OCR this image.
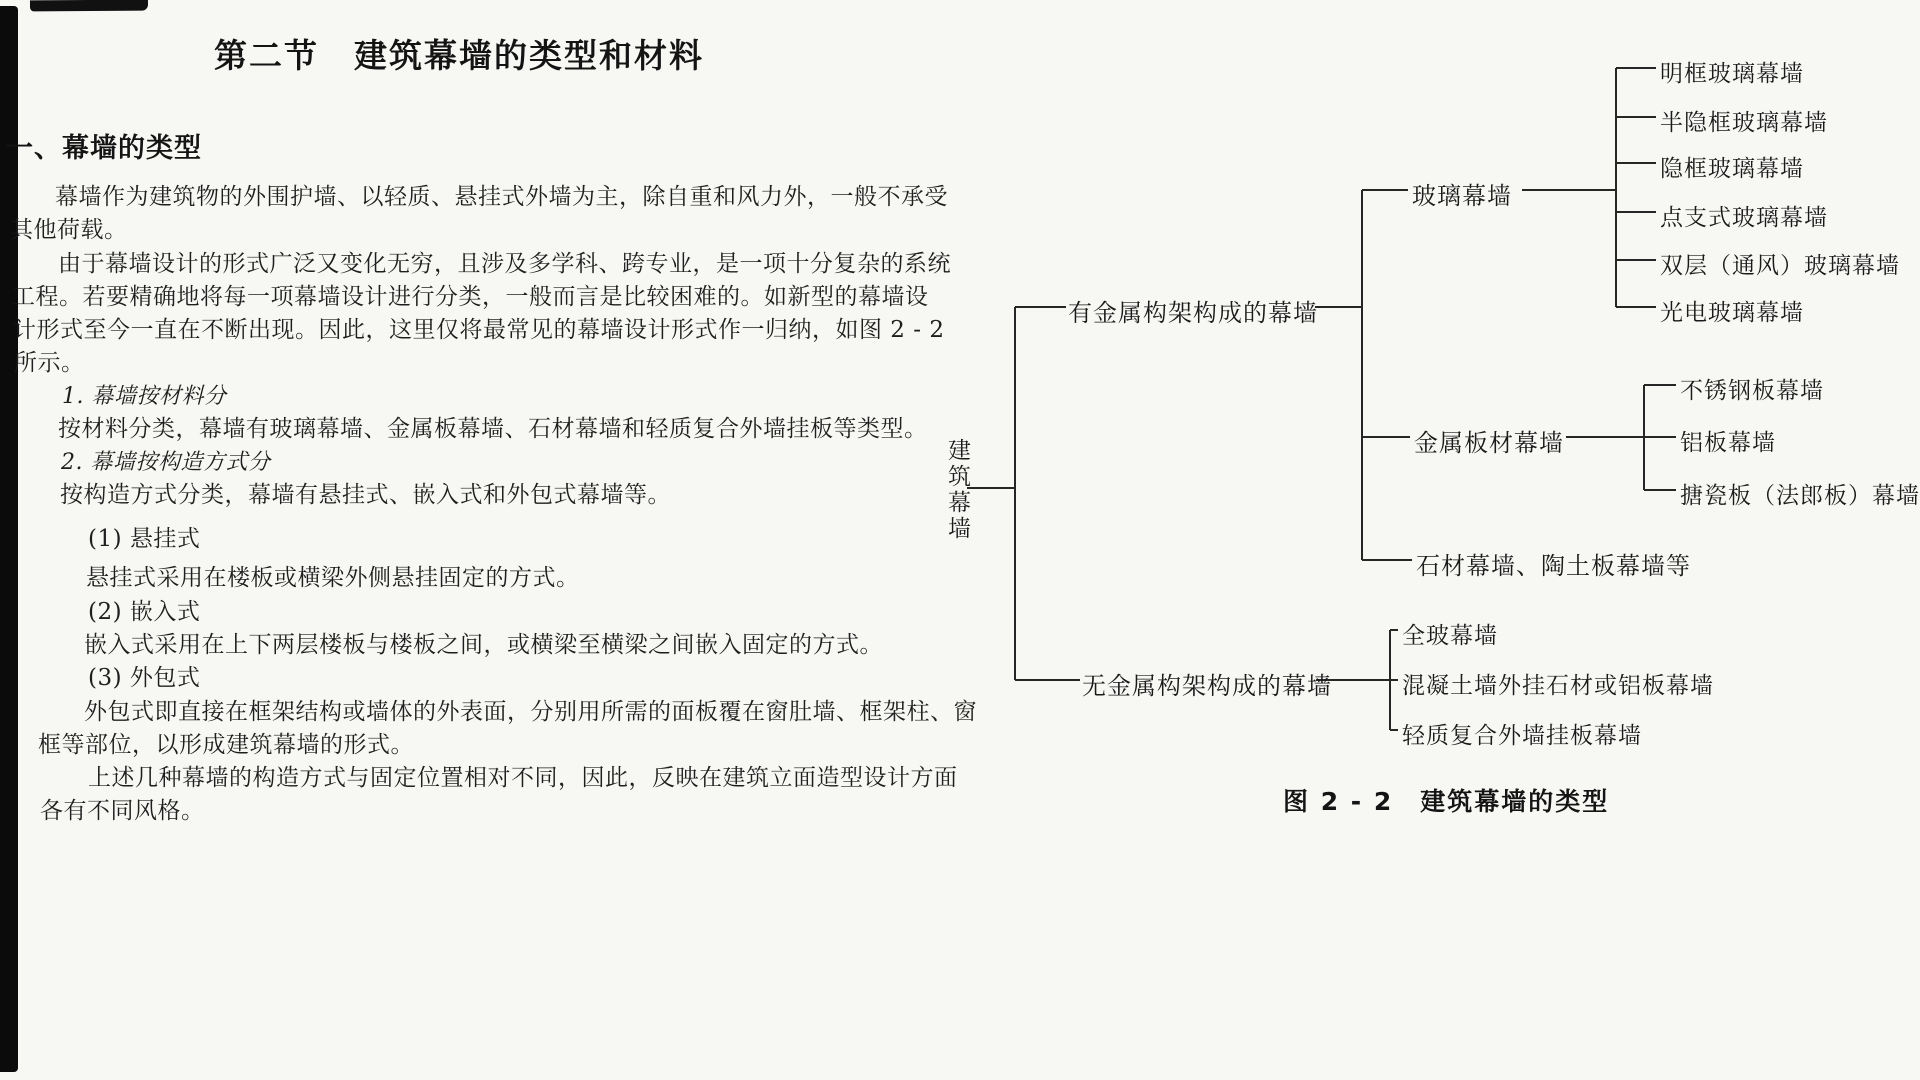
第二节　建筑幕墙的类型和材料
一、幕墙的类型
幕墙作为建筑物的外围护墙、以轻质、悬挂式外墙为主，除自重和风力外，一般不承受
其他荷载。
由于幕墙设计的形式广泛又变化无穷，且涉及多学科、跨专业，是一项十分复杂的系统
工程。若要精确地将每一项幕墙设计进行分类，一般而言是比较困难的。如新型的幕墙设
计形式至今一直在不断出现。因此，这里仅将最常见的幕墙设计形式作一归纳，如图 2 - 2
所示。
1. 幕墙按材料分
按材料分类，幕墙有玻璃幕墙、金属板幕墙、石材幕墙和轻质复合外墙挂板等类型。
2. 幕墙按构造方式分
按构造方式分类，幕墙有悬挂式、嵌入式和外包式幕墙等。
(1) 悬挂式
悬挂式采用在楼板或横梁外侧悬挂固定的方式。
(2) 嵌入式
嵌入式采用在上下两层楼板与楼板之间，或横梁至横梁之间嵌入固定的方式。
(3) 外包式
外包式即直接在框架结构或墙体的外表面，分别用所需的面板覆在窗肚墙、框架柱、窗
框等部位，以形成建筑幕墙的形式。
上述几种幕墙的构造方式与固定位置相对不同，因此，反映在建筑立面造型设计方面
各有不同风格。
建筑幕墙
有金属构架构成的幕墙
玻璃幕墙
明框玻璃幕墙
半隐框玻璃幕墙
隐框玻璃幕墙
点支式玻璃幕墙
双层（通风）玻璃幕墙
光电玻璃幕墙
金属板材幕墙
不锈钢板幕墙
铝板幕墙
搪瓷板（法郎板）幕墙
石材幕墙、陶土板幕墙等
无金属构架构成的幕墙
全玻幕墙
混凝土墙外挂石材或铝板幕墙
轻质复合外墙挂板幕墙
图 2 - 2　建筑幕墙的类型
